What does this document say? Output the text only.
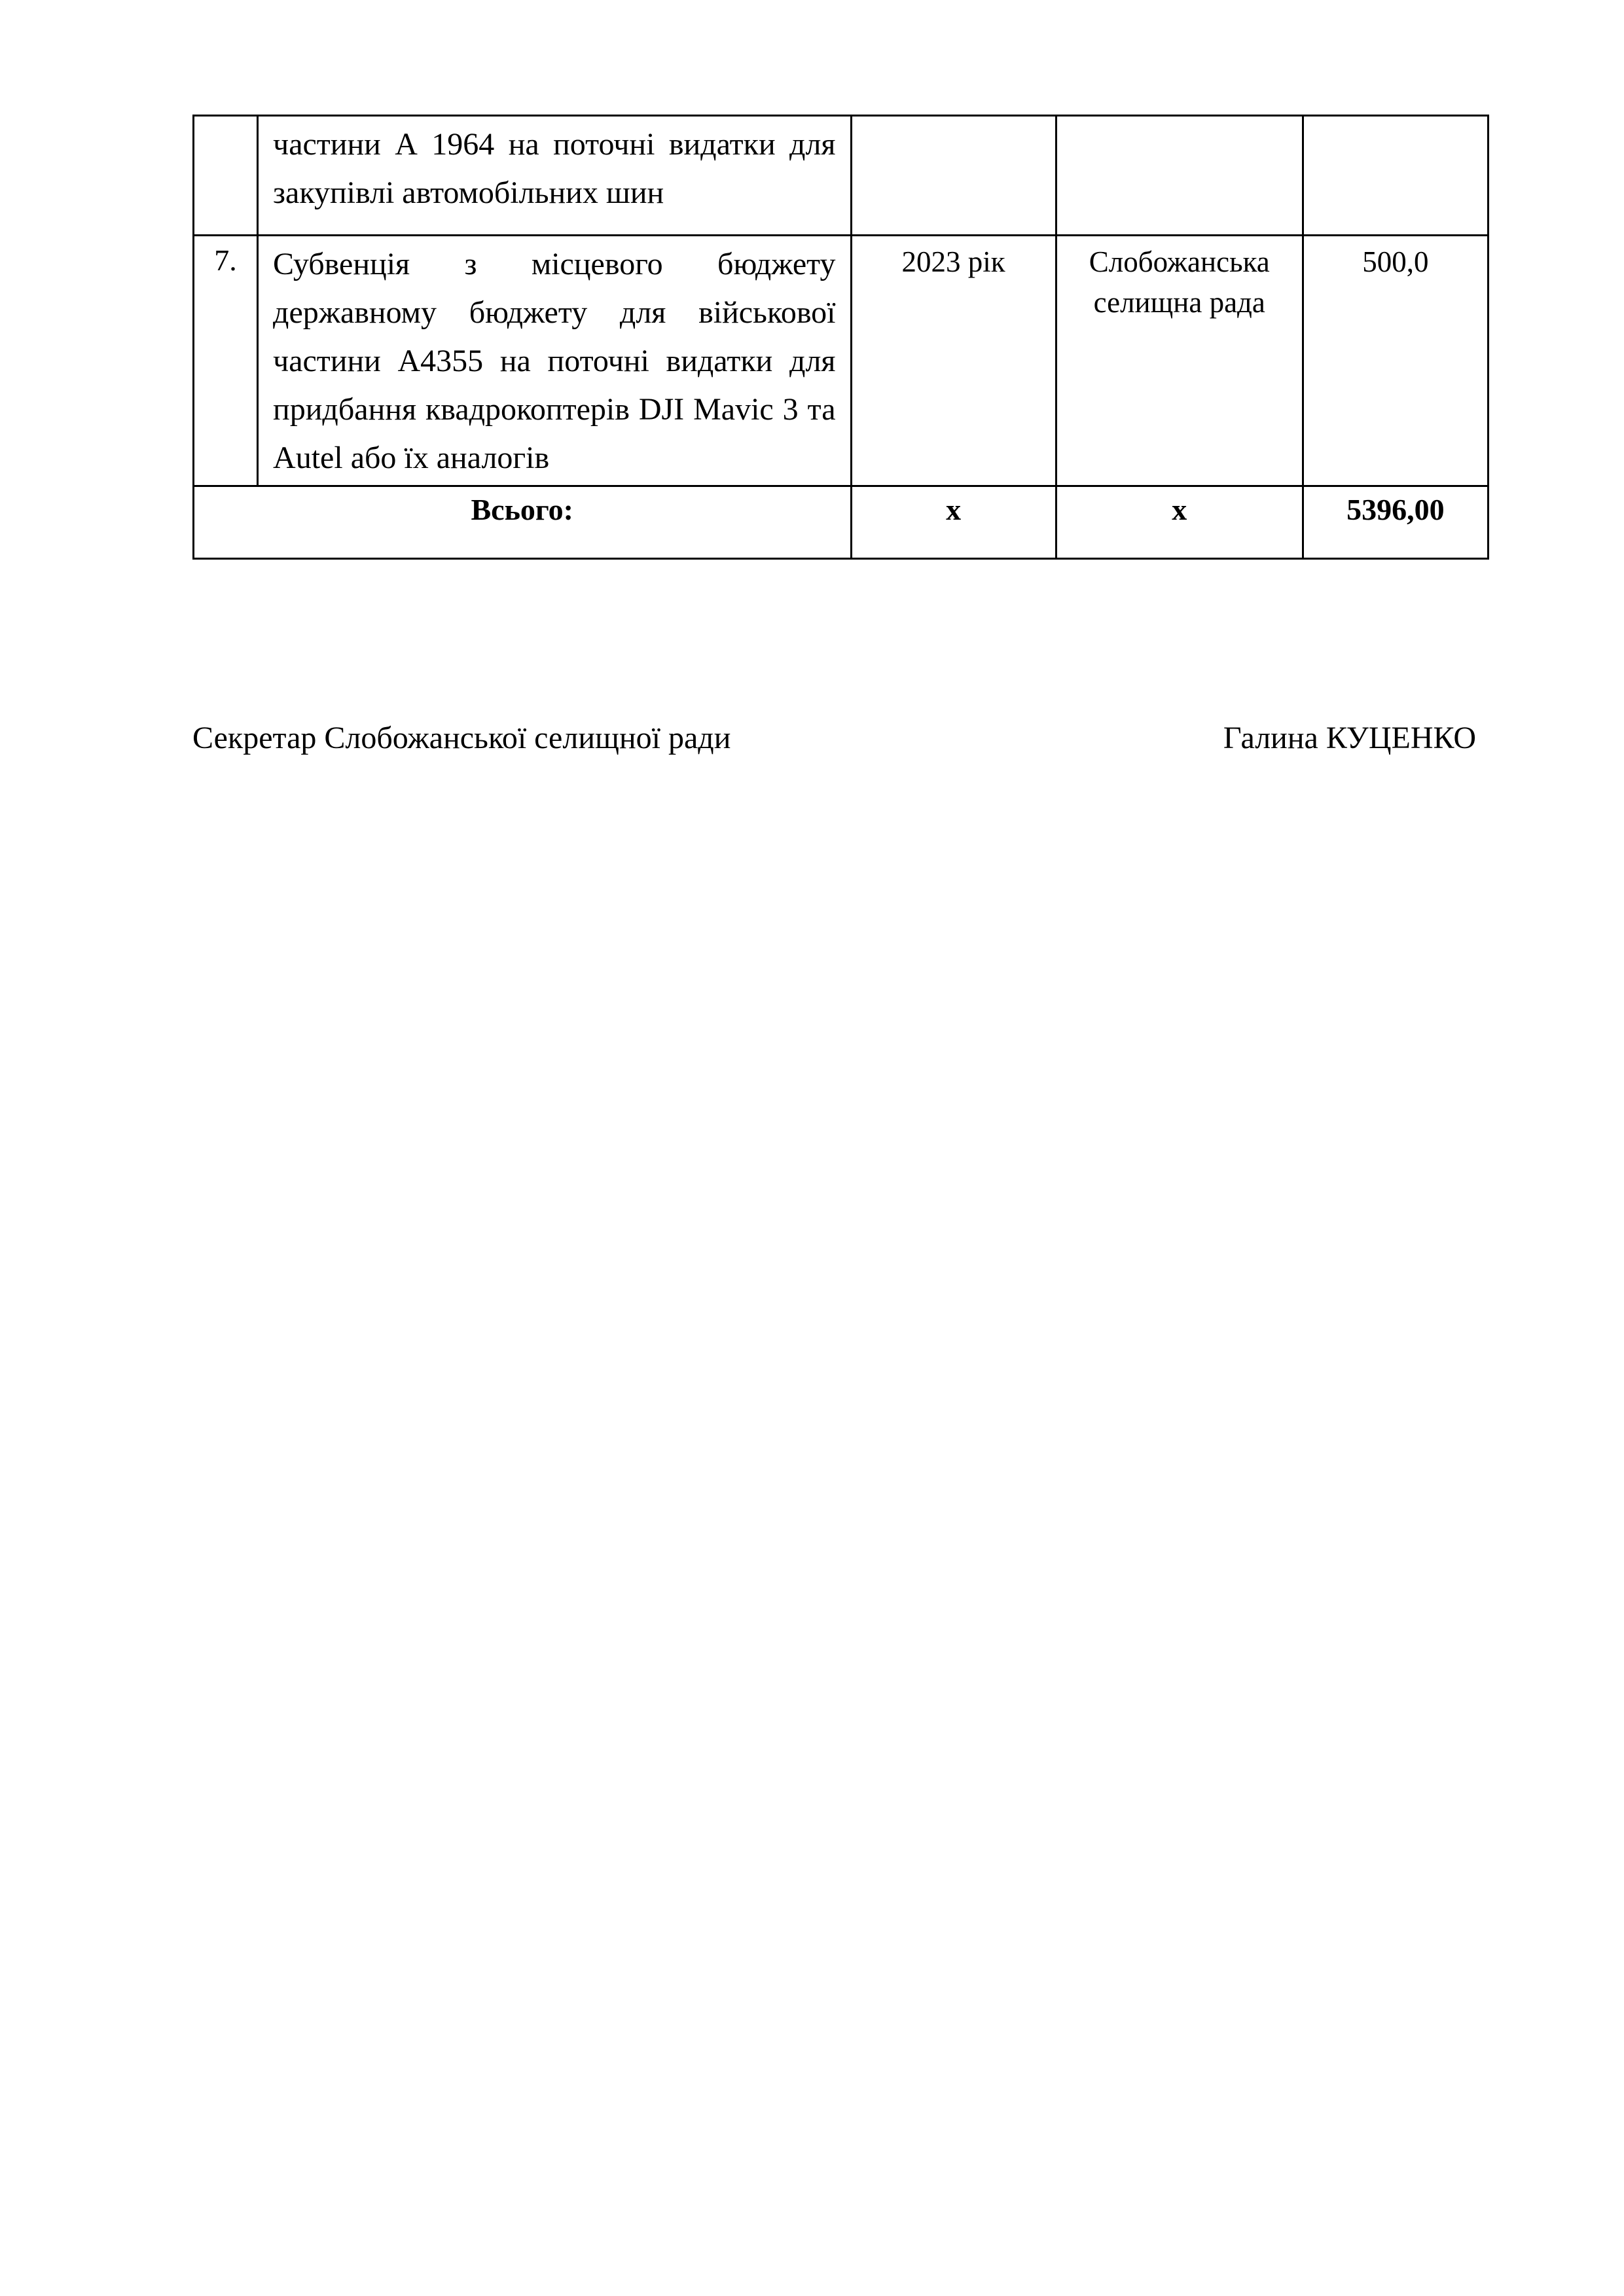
	частини А 1964 на поточні видатки для закупівлі автомобільних шин			
7.	Субвенція з місцевого бюджету державному бюджету для військової частини А4355 на поточні видатки для придбання квадрокоптерів DJI Mavic 3 та Autel або їх аналогів	2023 рік	Слобожанська селищна рада	500,0
Всього:		х	х	5396,00
Секретар Слобожанської селищної ради	Галина КУЦЕНКО
